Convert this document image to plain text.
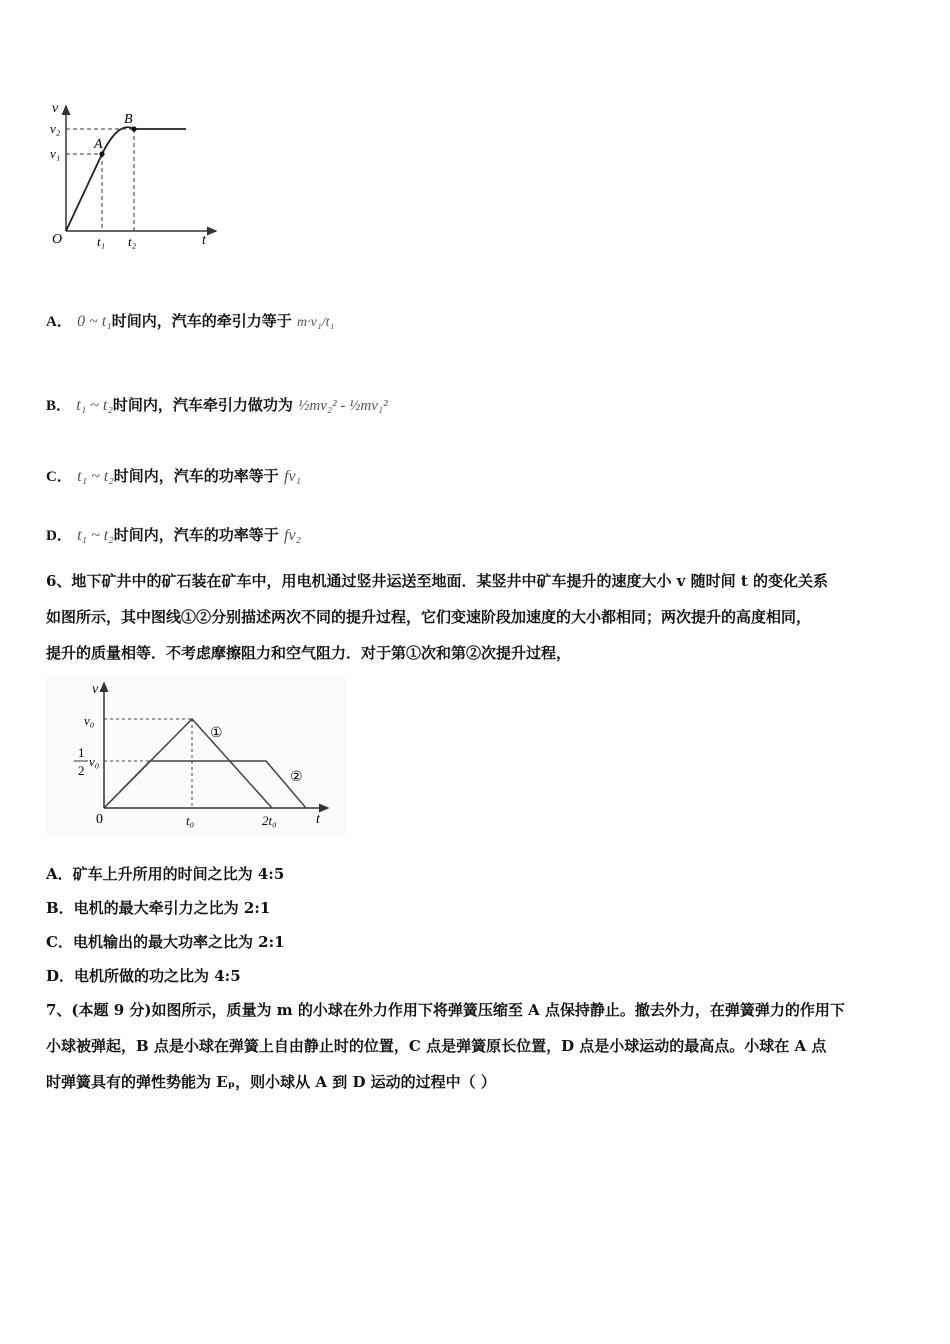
v
v₂
v₁
A
B
O	t₁ t₂	t
A． 0 ~ t₁时间内，汽车的牵引力等于 m·v₁/t₁
B． t₁ ~ t₂时间内，汽车牵引力做功为 ½mv₂² - ½mv₁²
C． t₁ ~ t₂时间内，汽车的功率等于 fv₁
D． t₁ ~ t₂时间内，汽车的功率等于 fv₂
6、地下矿井中的矿石装在矿车中，用电机通过竖井运送至地面．某竖井中矿车提升的速度大小 v 随时间 t 的变化关系
如图所示，其中图线①②分别描述两次不同的提升过程，它们变速阶段加速度的大小都相同；两次提升的高度相同，
提升的质量相等．不考虑摩擦阻力和空气阻力．对于第①次和第②次提升过程，
v
v₀
1
2
v₀
0	t₀	2t₀	t
①
②
A．矿车上升所用的时间之比为 4:5
B．电机的最大牵引力之比为 2:1
C．电机输出的最大功率之比为 2:1
D．电机所做的功之比为 4:5
7、(本题 9 分)如图所示，质量为 m 的小球在外力作用下将弹簧压缩至 A 点保持静止。撤去外力，在弹簧弹力的作用下
小球被弹起，B 点是小球在弹簧上自由静止时的位置，C 点是弹簧原长位置，D 点是小球运动的最高点。小球在 A 点
时弹簧具有的弹性势能为 Eₚ，则小球从 A 到 D 运动的过程中（ ）
